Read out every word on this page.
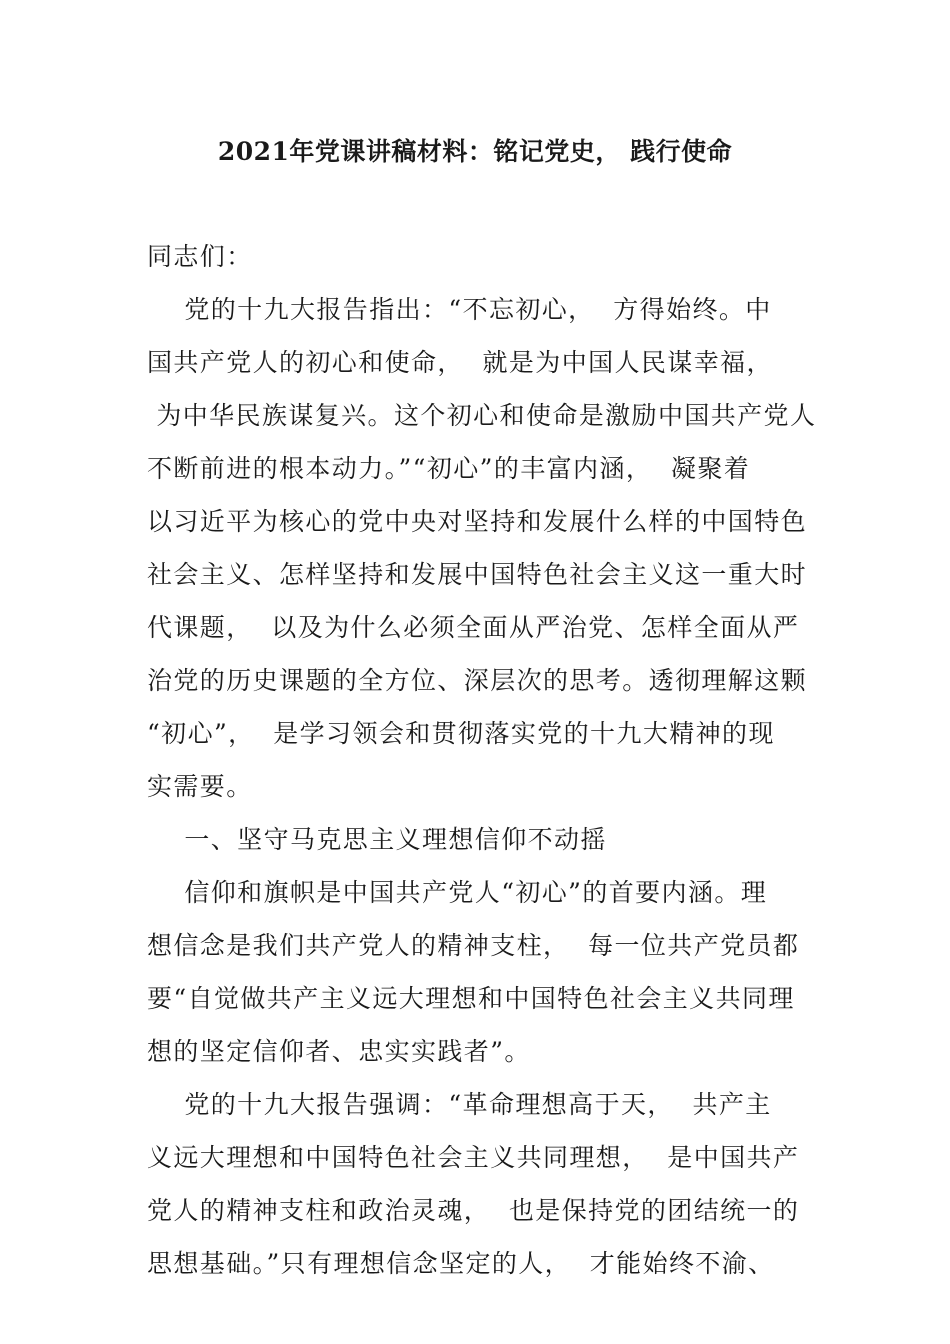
2021年党课讲稿材料：铭记党史， 践行使命
同志们：
党的十九大报告指出：“不忘初心，  方得始终。中
国共产党人的初心和使命，  就是为中国人民谋幸福，
为中华民族谋复兴。这个初心和使命是激励中国共产党人
不断前进的根本动力。”“初心”的丰富内涵，  凝聚着
以习近平为核心的党中央对坚持和发展什么样的中国特色
社会主义、怎样坚持和发展中国特色社会主义这一重大时
代课题，  以及为什么必须全面从严治党、怎样全面从严
治党的历史课题的全方位、深层次的思考。透彻理解这颗
“初心”，  是学习领会和贯彻落实党的十九大精神的现
实需要。
一、坚守马克思主义理想信仰不动摇
信仰和旗帜是中国共产党人“初心”的首要内涵。理
想信念是我们共产党人的精神支柱，  每一位共产党员都
要“自觉做共产主义远大理想和中国特色社会主义共同理
想的坚定信仰者、忠实实践者”。
党的十九大报告强调：“革命理想高于天，  共产主
义远大理想和中国特色社会主义共同理想，  是中国共产
党人的精神支柱和政治灵魂，  也是保持党的团结统一的
思想基础。”只有理想信念坚定的人，  才能始终不渝、
